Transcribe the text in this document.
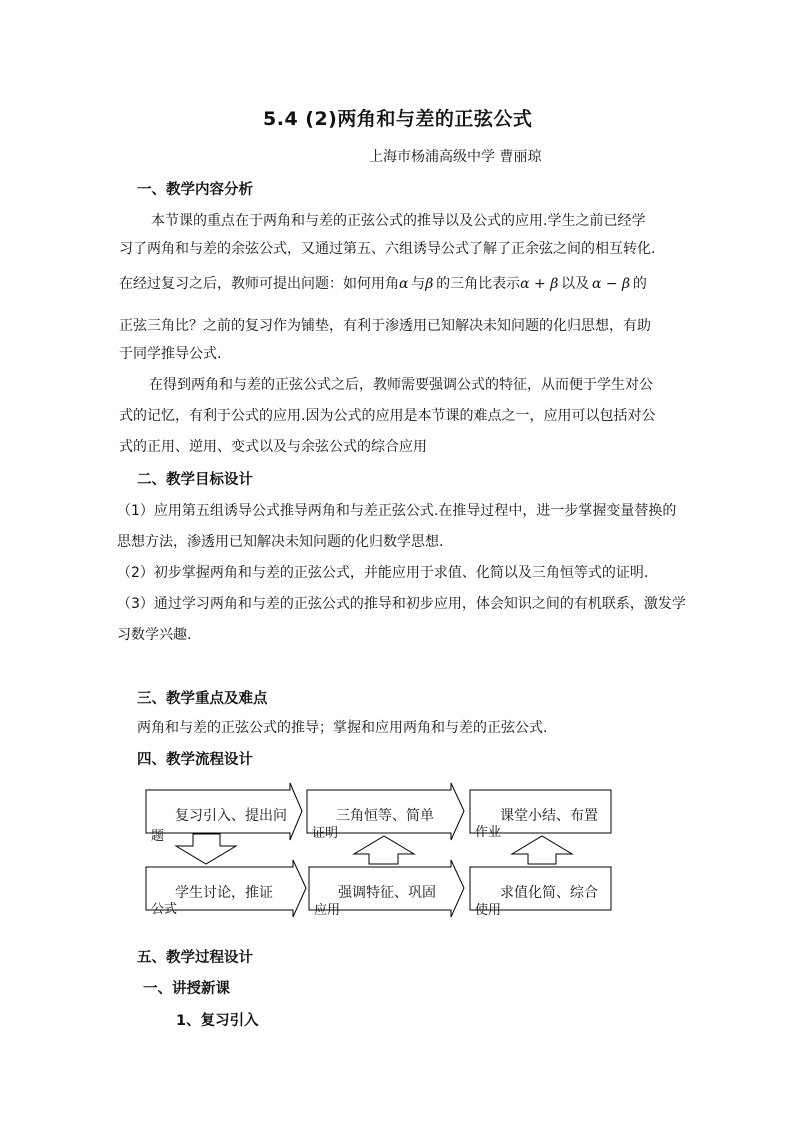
5.4 (2)两角和与差的正弦公式
上海市杨浦高级中学 曹丽琼
一、教学内容分析
本节课的重点在于两角和与差的正弦公式的推导以及公式的应用.学生之前已经学
习了两角和与差的余弦公式，又通过第五、六组诱导公式了解了正余弦之间的相互转化.
在经过复习之后，教师可提出问题：如何用角α  与β  的三角比表示α + β  以及  α − β  的
正弦三角比？之前的复习作为铺垫，有利于渗透用已知解决未知问题的化归思想，有助
于同学推导公式.
在得到两角和与差的正弦公式之后，教师需要强调公式的特征，从而便于学生对公
式的记忆，有利于公式的应用.因为公式的应用是本节课的难点之一，应用可以包括对公
式的正用、逆用、变式以及与余弦公式的综合应用
二、教学目标设计
（1）应用第五组诱导公式推导两角和与差正弦公式.在推导过程中，进一步掌握变量替换的
思想方法，渗透用已知解决未知问题的化归数学思想.
（2）初步掌握两角和与差的正弦公式，并能应用于求值、化简以及三角恒等式的证明.
（3）通过学习两角和与差的正弦公式的推导和初步应用，体会知识之间的有机联系，激发学
习数学兴趣.
三、教学重点及难点
两角和与差的正弦公式的推导；掌握和应用两角和与差的正弦公式.
四、教学流程设计
复习引入、提出问
题
三角恒等、简单	课堂小结、布置
作业
学生讨论，推证
公式
强调特征、巩固	求值化简、综合
使用
五、教学过程设计
一、讲授新课
1、复习引入
